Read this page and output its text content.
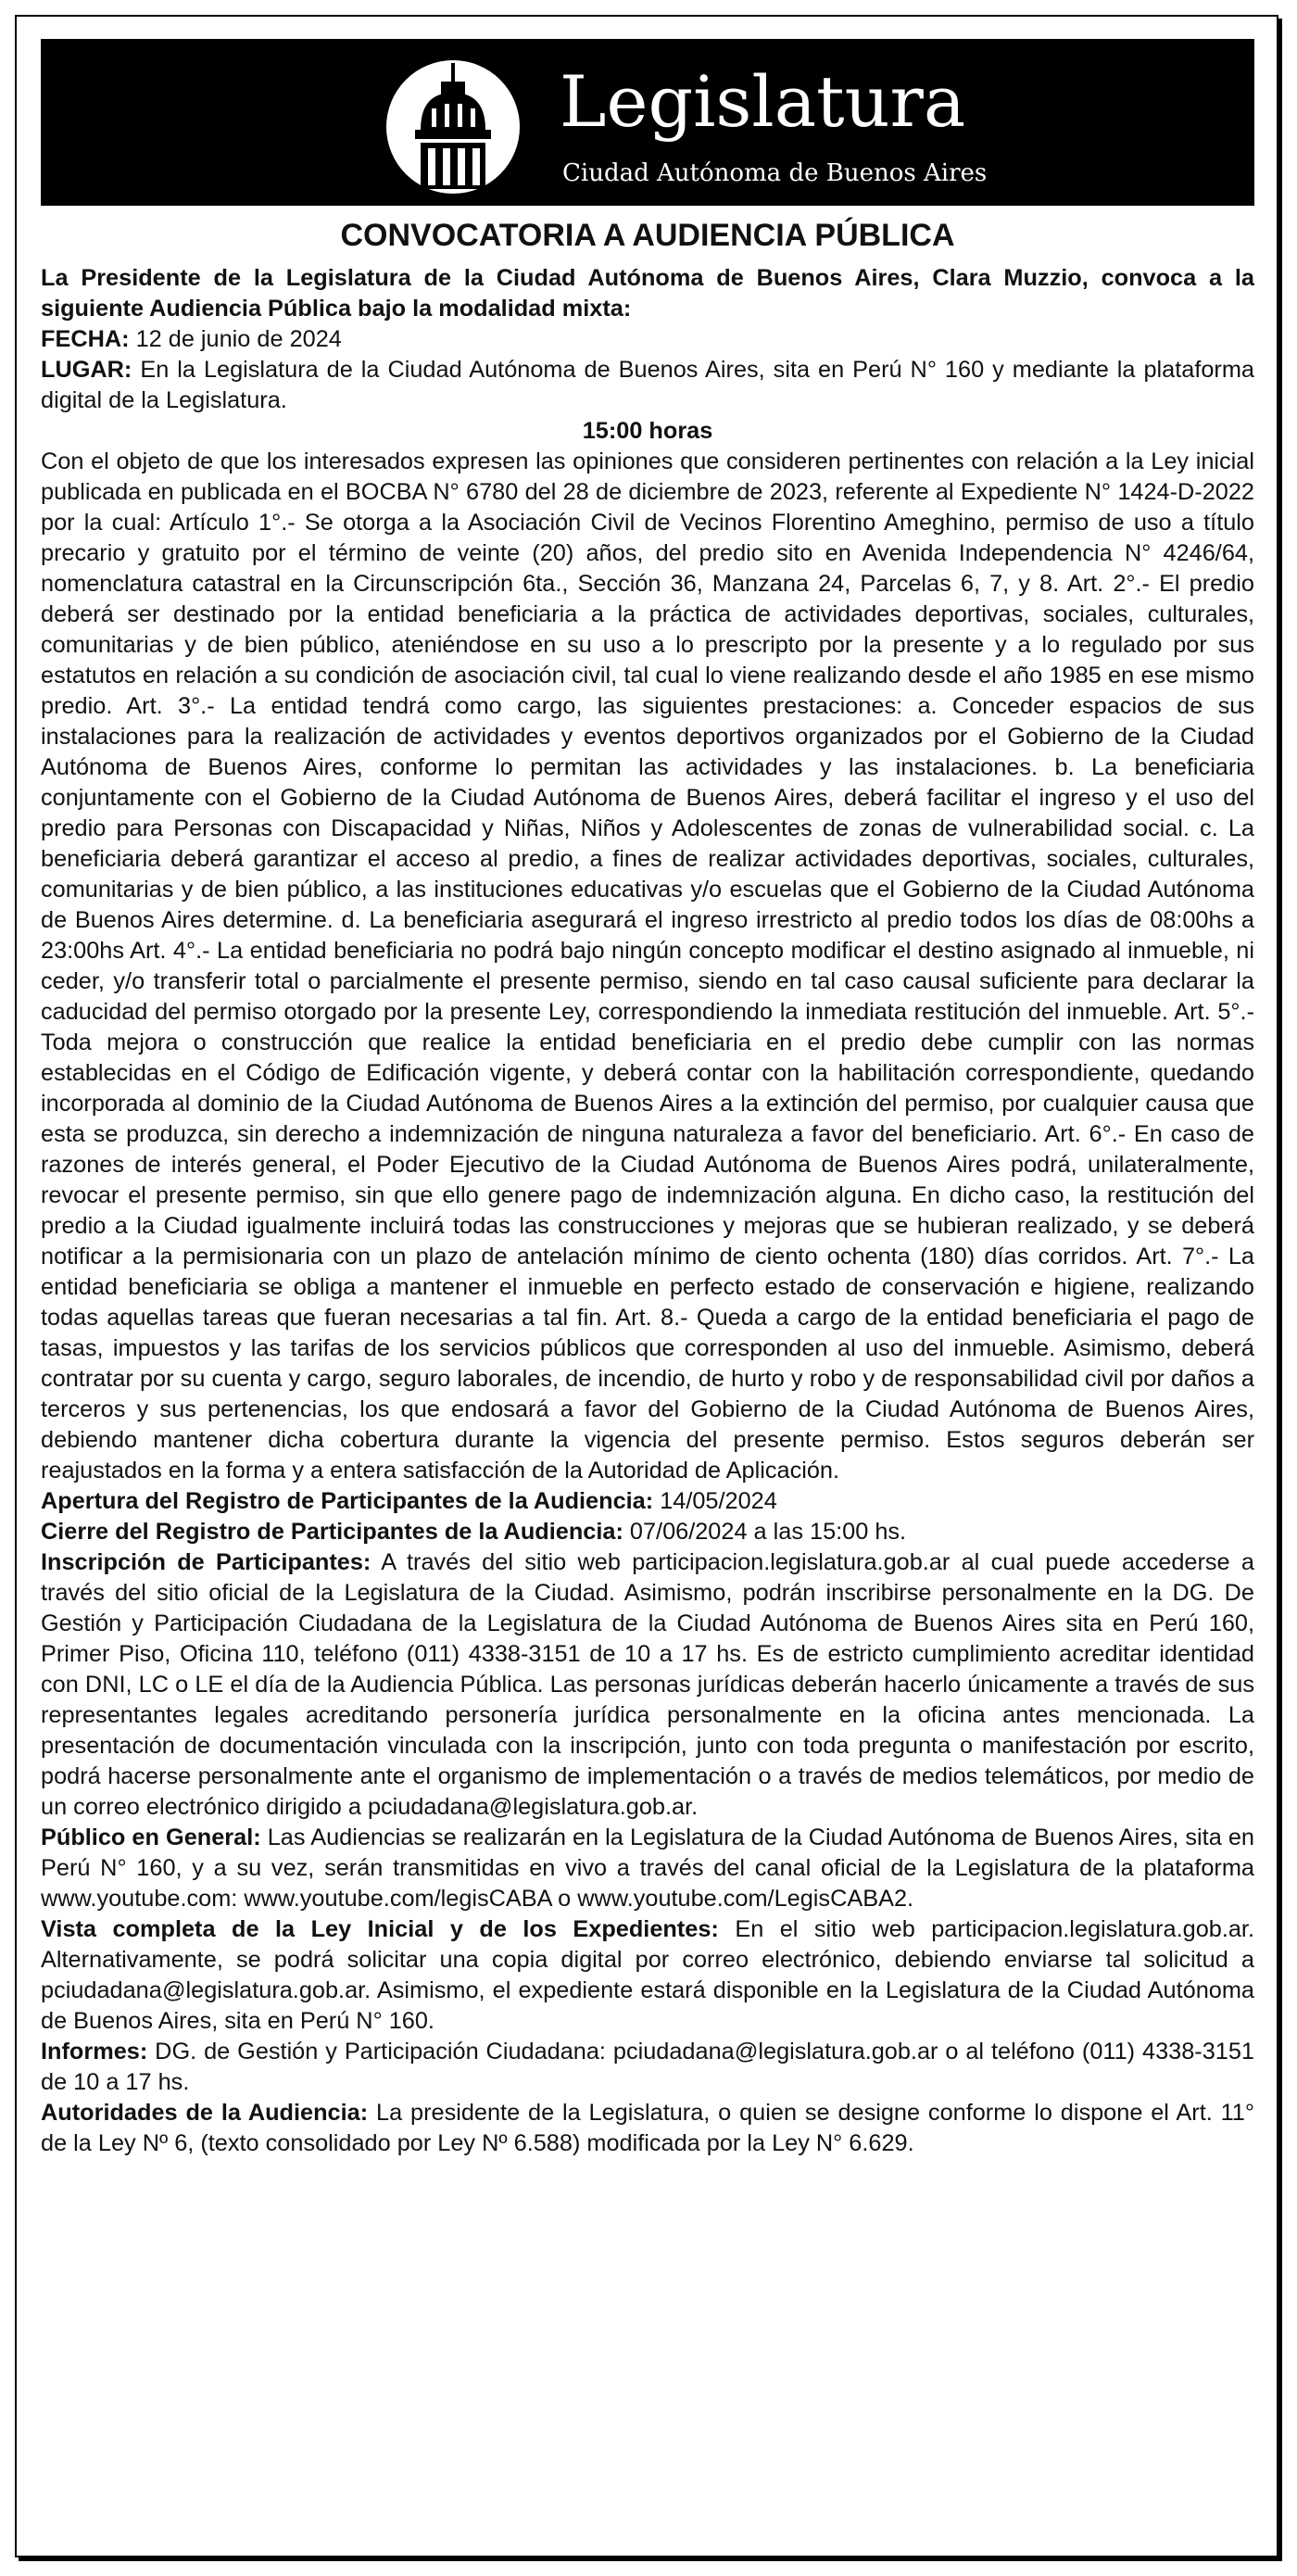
Legislatura
Ciudad Autónoma de Buenos Aires
CONVOCATORIA A AUDIENCIA PÚBLICA

La Presidente de la Legislatura de la Ciudad Autónoma de Buenos Aires, Clara Muzzio, convoca a la siguiente Audiencia Pública bajo la modalidad mixta:

FECHA: 12 de junio de 2024

LUGAR: En la Legislatura de la Ciudad Autónoma de Buenos Aires, sita en Perú N° 160 y mediante la plataforma digital de la Legislatura.

15:00 horas

Con el objeto de que los interesados expresen las opiniones que consideren pertinentes con relación a la Ley inicial publicada en publicada en el BOCBA N° 6780 del 28 de diciembre de 2023, referente al Expediente N° 1424-D-2022 por la cual: Artículo 1°.- Se otorga a la Asociación Civil de Vecinos Florentino Ameghino, permiso de uso a título precario y gratuito por el término de veinte (20) años, del predio sito en Avenida Independencia N° 4246/64, nomenclatura catastral en la Circunscripción 6ta., Sección 36, Manzana 24, Parcelas 6, 7, y 8. Art. 2°.- El predio deberá ser destinado por la entidad beneficiaria a la práctica de actividades deportivas, sociales, culturales, comunitarias y de bien público, ateniéndose en su uso a lo prescripto por la presente y a lo regulado por sus estatutos en relación a su condición de asociación civil, tal cual lo viene realizando desde el año 1985 en ese mismo predio. Art. 3°.- La entidad tendrá como cargo, las siguientes prestaciones: a. Conceder espacios de sus instalaciones para la realización de actividades y eventos deportivos organizados por el Gobierno de la Ciudad Autónoma de Buenos Aires, conforme lo permitan las actividades y las instalaciones. b. La beneficiaria conjuntamente con el Gobierno de la Ciudad Autónoma de Buenos Aires, deberá facilitar el ingreso y el uso del predio para Personas con Discapacidad y Niñas, Niños y Adolescentes de zonas de vulnerabilidad social. c. La beneficiaria deberá garantizar el acceso al predio, a fines de realizar actividades deportivas, sociales, culturales, comunitarias y de bien público, a las instituciones educativas y/o escuelas que el Gobierno de la Ciudad Autónoma de Buenos Aires determine. d. La beneficiaria asegurará el ingreso irrestricto al predio todos los días de 08:00hs a 23:00hs Art. 4°.- La entidad beneficiaria no podrá bajo ningún concepto modificar el destino asignado al inmueble, ni ceder, y/o transferir total o parcialmente el presente permiso, siendo en tal caso causal suficiente para declarar la caducidad del permiso otorgado por la presente Ley, correspondiendo la inmediata restitución del inmueble. Art. 5°.- Toda mejora o construcción que realice la entidad beneficiaria en el predio debe cumplir con las normas establecidas en el Código de Edificación vigente, y deberá contar con la habilitación correspondiente, quedando incorporada al dominio de la Ciudad Autónoma de Buenos Aires a la extinción del permiso, por cualquier causa que esta se produzca, sin derecho a indemnización de ninguna naturaleza a favor del beneficiario. Art. 6°.- En caso de razones de interés general, el Poder Ejecutivo de la Ciudad Autónoma de Buenos Aires podrá, unilateralmente, revocar el presente permiso, sin que ello genere pago de indemnización alguna. En dicho caso, la restitución del predio a la Ciudad igualmente incluirá todas las construcciones y mejoras que se hubieran realizado, y se deberá notificar a la permisionaria con un plazo de antelación mínimo de ciento ochenta (180) días corridos. Art. 7°.- La entidad beneficiaria se obliga a mantener el inmueble en perfecto estado de conservación e higiene, realizando todas aquellas tareas que fueran necesarias a tal fin. Art. 8.- Queda a cargo de la entidad beneficiaria el pago de tasas, impuestos y las tarifas de los servicios públicos que corresponden al uso del inmueble. Asimismo, deberá contratar por su cuenta y cargo, seguro laborales, de incendio, de hurto y robo y de responsabilidad civil por daños a terceros y sus pertenencias, los que endosará a favor del Gobierno de la Ciudad Autónoma de Buenos Aires, debiendo mantener dicha cobertura durante la vigencia del presente permiso. Estos seguros deberán ser reajustados en la forma y a entera satisfacción de la Autoridad de Aplicación.

Apertura del Registro de Participantes de la Audiencia: 14/05/2024

Cierre del Registro de Participantes de la Audiencia: 07/06/2024 a las 15:00 hs.

Inscripción de Participantes: A través del sitio web participacion.legislatura.gob.ar al cual puede accederse a través del sitio oficial de la Legislatura de la Ciudad. Asimismo, podrán inscribirse personalmente en la DG. De Gestión y Participación Ciudadana de la Legislatura de la Ciudad Autónoma de Buenos Aires sita en Perú 160, Primer Piso, Oficina 110, teléfono (011) 4338-3151 de 10 a 17 hs. Es de estricto cumplimiento acreditar identidad con DNI, LC o LE el día de la Audiencia Pública. Las personas jurídicas deberán hacerlo únicamente a través de sus representantes legales acreditando personería jurídica personalmente en la oficina antes mencionada. La presentación de documentación vinculada con la inscripción, junto con toda pregunta o manifestación por escrito, podrá hacerse personalmente ante el organismo de implementación o a través de medios telemáticos, por medio de un correo electrónico dirigido a pciudadana@legislatura.gob.ar.

Público en General: Las Audiencias se realizarán en la Legislatura de la Ciudad Autónoma de Buenos Aires, sita en Perú N° 160, y a su vez, serán transmitidas en vivo a través del canal oficial de la Legislatura de la plataforma www.youtube.com: www.youtube.com/legisCABA o www.youtube.com/LegisCABA2.

Vista completa de la Ley Inicial y de los Expedientes: En el sitio web participacion.legislatura.gob.ar. Alternativamente, se podrá solicitar una copia digital por correo electrónico, debiendo enviarse tal solicitud a pciudadana@legislatura.gob.ar. Asimismo, el expediente estará disponible en la Legislatura de la Ciudad Autónoma de Buenos Aires, sita en Perú N° 160.

Informes: DG. de Gestión y Participación Ciudadana: pciudadana@legislatura.gob.ar o al teléfono (011) 4338-3151 de 10 a 17 hs.

Autoridades de la Audiencia: La presidente de la Legislatura, o quien se designe conforme lo dispone el Art. 11° de la Ley Nº 6, (texto consolidado por Ley Nº 6.588) modificada por la Ley N° 6.629.
